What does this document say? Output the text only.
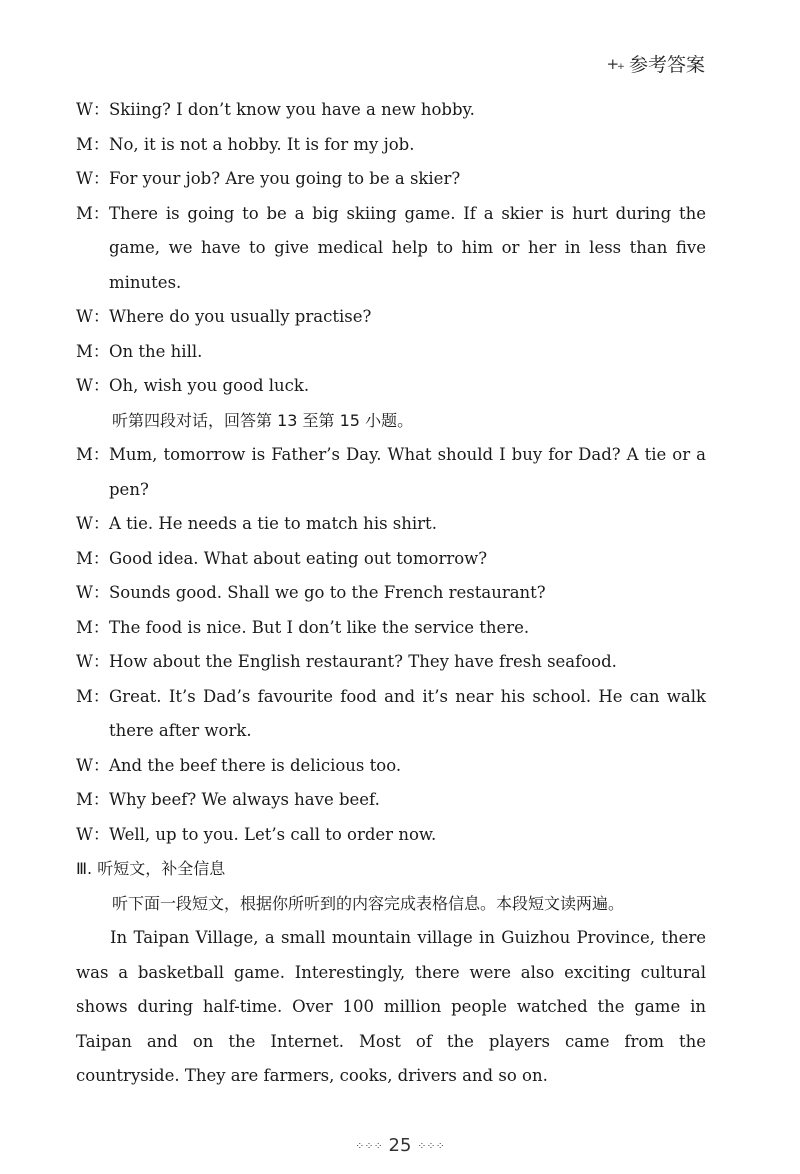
+₊ 参考答案
W： Skiing? I don’t know you have a new hobby.
M： No, it is not a hobby. It is for my job.
W： For your job? Are you going to be a skier?
M： There is going to be a big skiing game. If a skier is hurt during the game, we have to give medical help to him or her in less than five minutes.
W： Where do you usually practise?
M： On the hill.
W： Oh, wish you good luck.
听第四段对话，回答第 13 至第 15 小题。
M： Mum, tomorrow is Father’s Day. What should I buy for Dad? A tie or a pen?
W： A tie. He needs a tie to match his shirt.
M： Good idea. What about eating out tomorrow?
W： Sounds good. Shall we go to the French restaurant?
M： The food is nice. But I don’t like the service there.
W： How about the English restaurant? They have fresh seafood.
M： Great. It’s Dad’s favourite food and it’s near his school. He can walk there after work.
W： And the beef there is delicious too.
M： Why beef? We always have beef.
W： Well, up to you. Let’s call to order now.
Ⅲ. 听短文，补全信息
听下面一段短文，根据你所听到的内容完成表格信息。本段短文读两遍。
In Taipan Village, a small mountain village in Guizhou Province, there was a basketball game. Interestingly, there were also exciting cultural shows during half-time. Over 100 million people watched the game in Taipan and on the Internet. Most of the players came from the countryside. They are farmers, cooks, drivers and so on.
⁘⁘⁘ 25 ⁘⁘⁘
